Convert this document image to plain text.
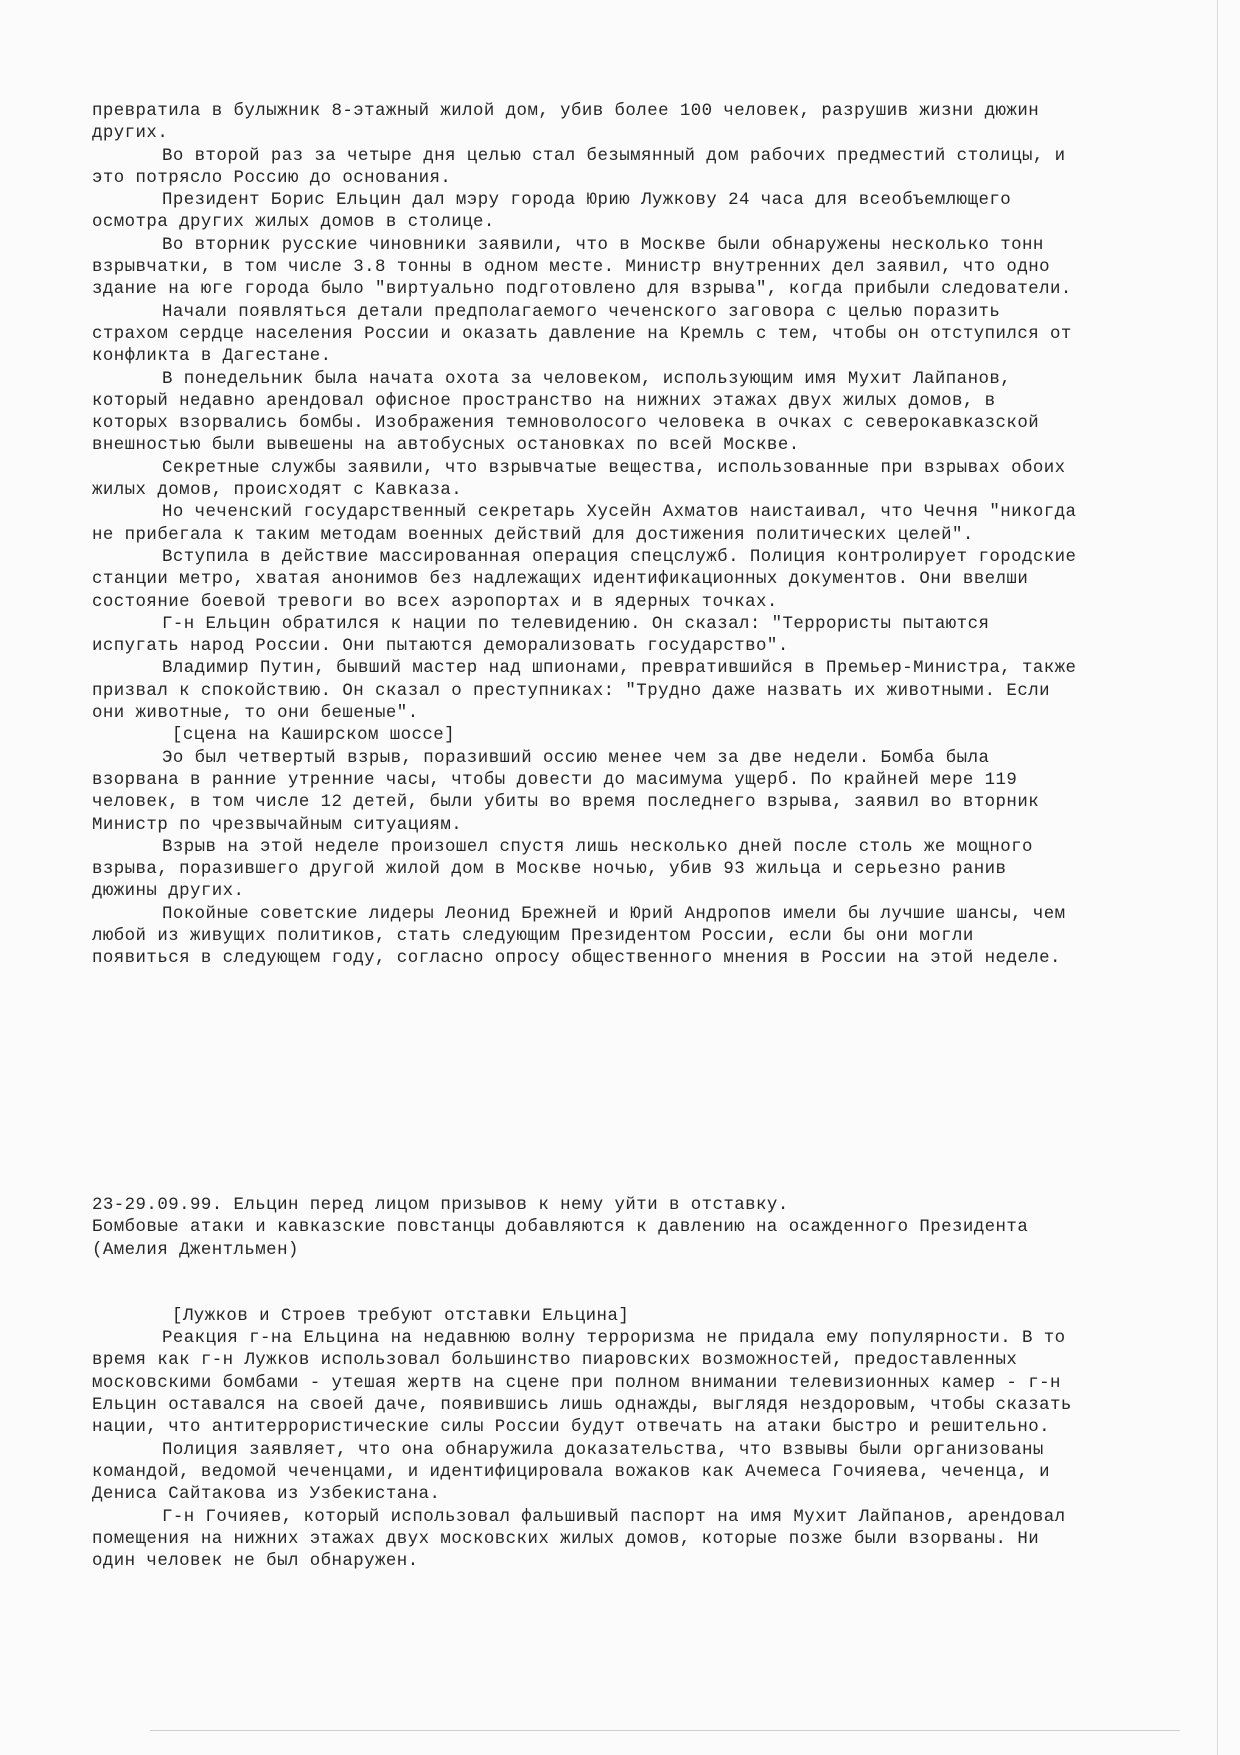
превратила в булыжник 8-этажный жилой дом, убив более 100 человек, разрушив жизни дюжин других.

Во второй раз за четыре дня целью стал безымянный дом рабочих предместий столицы, и это потрясло Россию до основания.

Президент Борис Ельцин дал мэру города Юрию Лужкову 24 часа для всеобъемлющего осмотра других жилых домов в столице.

Во вторник русские чиновники заявили, что в Москве были обнаружены несколько тонн взрывчатки, в том числе 3.8 тонны в одном месте. Министр внутренних дел заявил, что одно здание на юге города было "виртуально подготовлено для взрыва", когда прибыли следователи.

Начали появляться детали предполагаемого чеченского заговора с целью поразить страхом сердце населения России и оказать давление на Кремль с тем, чтобы он отступился от конфликта в Дагестане.

В понедельник была начата охота за человеком, использующим имя Мухит Лайпанов, который недавно арендовал офисное пространство на нижних этажах двух жилых домов, в которых взорвались бомбы. Изображения темноволосого человека в очках с северокавказской внешностью были вывешены на автобусных остановках по всей Москве.

Секретные службы заявили, что взрывчатые вещества, использованные при взрывах обоих жилых домов, происходят с Кавказа.

Но чеченский государственный секретарь Хусейн Ахматов наистаивал, что Чечня "никогда не прибегала к таким методам военных действий для достижения политических целей".

Вступила в действие массированная операция спецслужб. Полиция контролирует городские станции метро, хватая анонимов без надлежащих идентификационных документов. Они ввелши состояние боевой тревоги во всех аэропортах и в ядерных точках.

Г-н Ельцин обратился к нации по телевидению. Он сказал: "Террористы пытаются испугать народ России. Они пытаются деморализовать государство".

Владимир Путин, бывший мастер над шпионами, превратившийся в Премьер-Министра, также призвал к спокойствию. Он сказал о преступниках: "Трудно даже назвать их животными. Если они животные, то они бешеные".

[сцена на Каширском шоссе]

Эо был четвертый взрыв, поразивший оссию менее чем за две недели. Бомба была взорвана в ранние утренние часы, чтобы довести до масимума ущерб. По крайней мере 119 человек, в том числе 12 детей, были убиты во время последнего взрыва, заявил во вторник Министр по чрезвычайным ситуациям.

Взрыв на этой неделе произошел спустя лишь несколько дней после столь же мощного взрыва, поразившего другой жилой дом в Москве ночью, убив 93 жильца и серьезно ранив дюжины других.

Покойные советские лидеры Леонид Брежней и Юрий Андропов имели бы лучшие шансы, чем любой из живущих политиков, стать следующим Президентом России, если бы они могли появиться в следующем году, согласно опросу общественного мнения в России на этой неделе.

23-29.09.99. Ельцин перед лицом призывов к нему уйти в отставку.

Бомбовые атаки и кавказские повстанцы добавляются к давлению на осажденного Президента (Амелия Джентльмен)

[Лужков и Строев требуют отставки Ельцина]

Реакция г-на Ельцина на недавнюю волну терроризма не придала ему популярности. В то время как г-н Лужков использовал большинство пиаровских возможностей, предоставленных московскими бомбами - утешая жертв на сцене при полном внимании телевизионных камер - г-н Ельцин оставался на своей даче, появившись лишь однажды, выглядя нездоровым, чтобы сказать нации, что антитеррористические силы России будут отвечать на атаки быстро и решительно.

Полиция заявляет, что она обнаружила доказательства, что взвывы были организованы командой, ведомой чеченцами, и идентифицировала вожаков как Ачемеса Гочияева, чеченца, и Дениса Сайтакова из Узбекистана.

Г-н Гочияев, который использовал фальшивый паспорт на имя Мухит Лайпанов, арендовал помещения на нижних этажах двух московских жилых домов, которые позже были взорваны. Ни один человек не был обнаружен.
